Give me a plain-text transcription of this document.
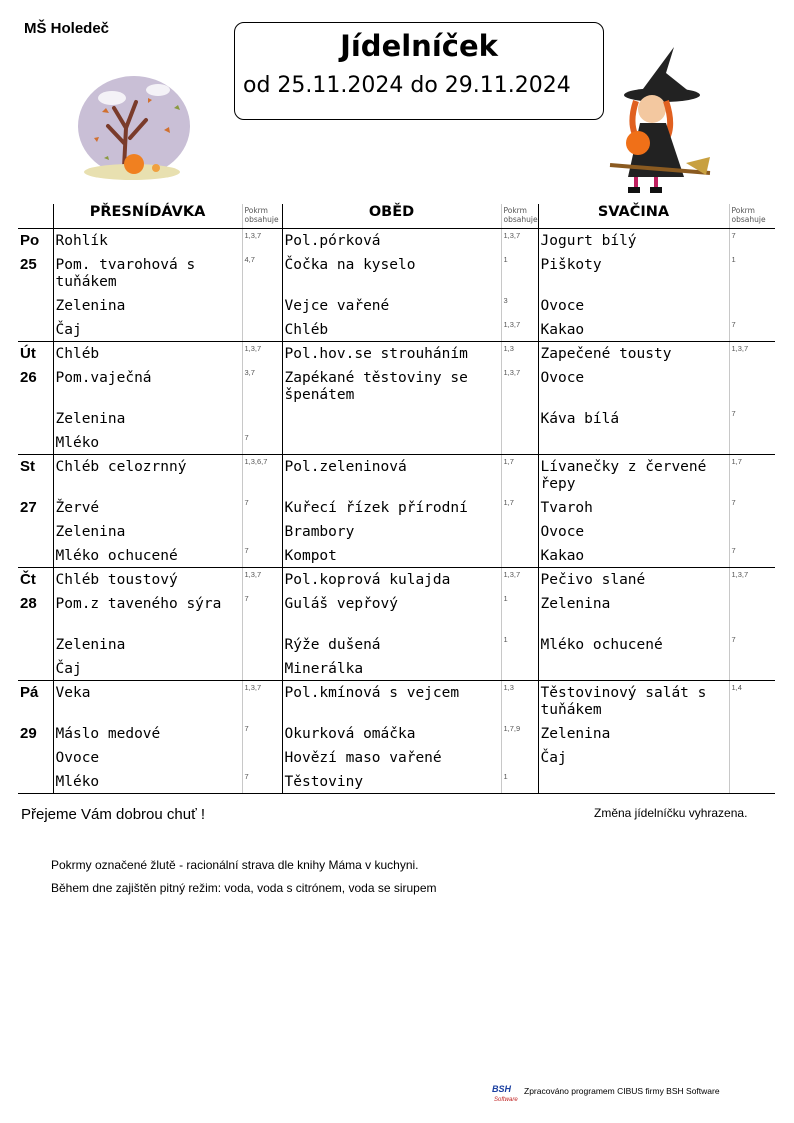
MŠ Holedeč
Jídelníček
od 25.11.2024 do 29.11.2024
	PŘESNÍDÁVKA	Pokrm obsahuje	OBĚD	Pokrm obsahuje	SVAČINA	Pokrm obsahuje
Po	Rohlík	1,3,7	Pol.pórková	1,3,7	Jogurt bílý	7
25	Pom. tvarohová s tuňákem	4,7	Čočka na kyselo	1	Piškoty	1
	Zelenina		Vejce vařené	3	Ovoce	
	Čaj		Chléb	1,3,7	Kakao	7
Út	Chléb	1,3,7	Pol.hov.se strouháním	1,3	Zapečené tousty	1,3,7
26	Pom.vaječná	3,7	Zapékané těstoviny se špenátem	1,3,7	Ovoce	
	Zelenina				Káva bílá	7
	Mléko	7				
St	Chléb celozrnný	1,3,6,7	Pol.zeleninová	1,7	Lívanečky z červené řepy	1,7
27	Žervé	7	Kuřecí řízek přírodní	1,7	Tvaroh	7
	Zelenina		Brambory		Ovoce	
	Mléko ochucené	7	Kompot		Kakao	7
Čt	Chléb toustový	1,3,7	Pol.koprová kulajda	1,3,7	Pečivo slané	1,3,7
28	Pom.z taveného sýra	7	Guláš vepřový	1	Zelenina	
	Zelenina		Rýže dušená	1	Mléko ochucené	7
	Čaj		Minerálka			
Pá	Veka	1,3,7	Pol.kmínová s vejcem	1,3	Těstovinový salát s tuňákem	1,4
29	Máslo medové	7	Okurková omáčka	1,7,9	Zelenina	
	Ovoce		Hovězí maso vařené		Čaj	
	Mléko	7	Těstoviny	1		
Přejeme Vám dobrou chuť !	Změna jídelníčku vyhrazena.
Pokrmy označené žlutě - racionální strava dle knihy Máma v kuchyni.
Během dne zajištěn pitný režim: voda, voda s citrónem, voda se sirupem
BSH
Software
Zpracováno programem CIBUS firmy BSH Software
